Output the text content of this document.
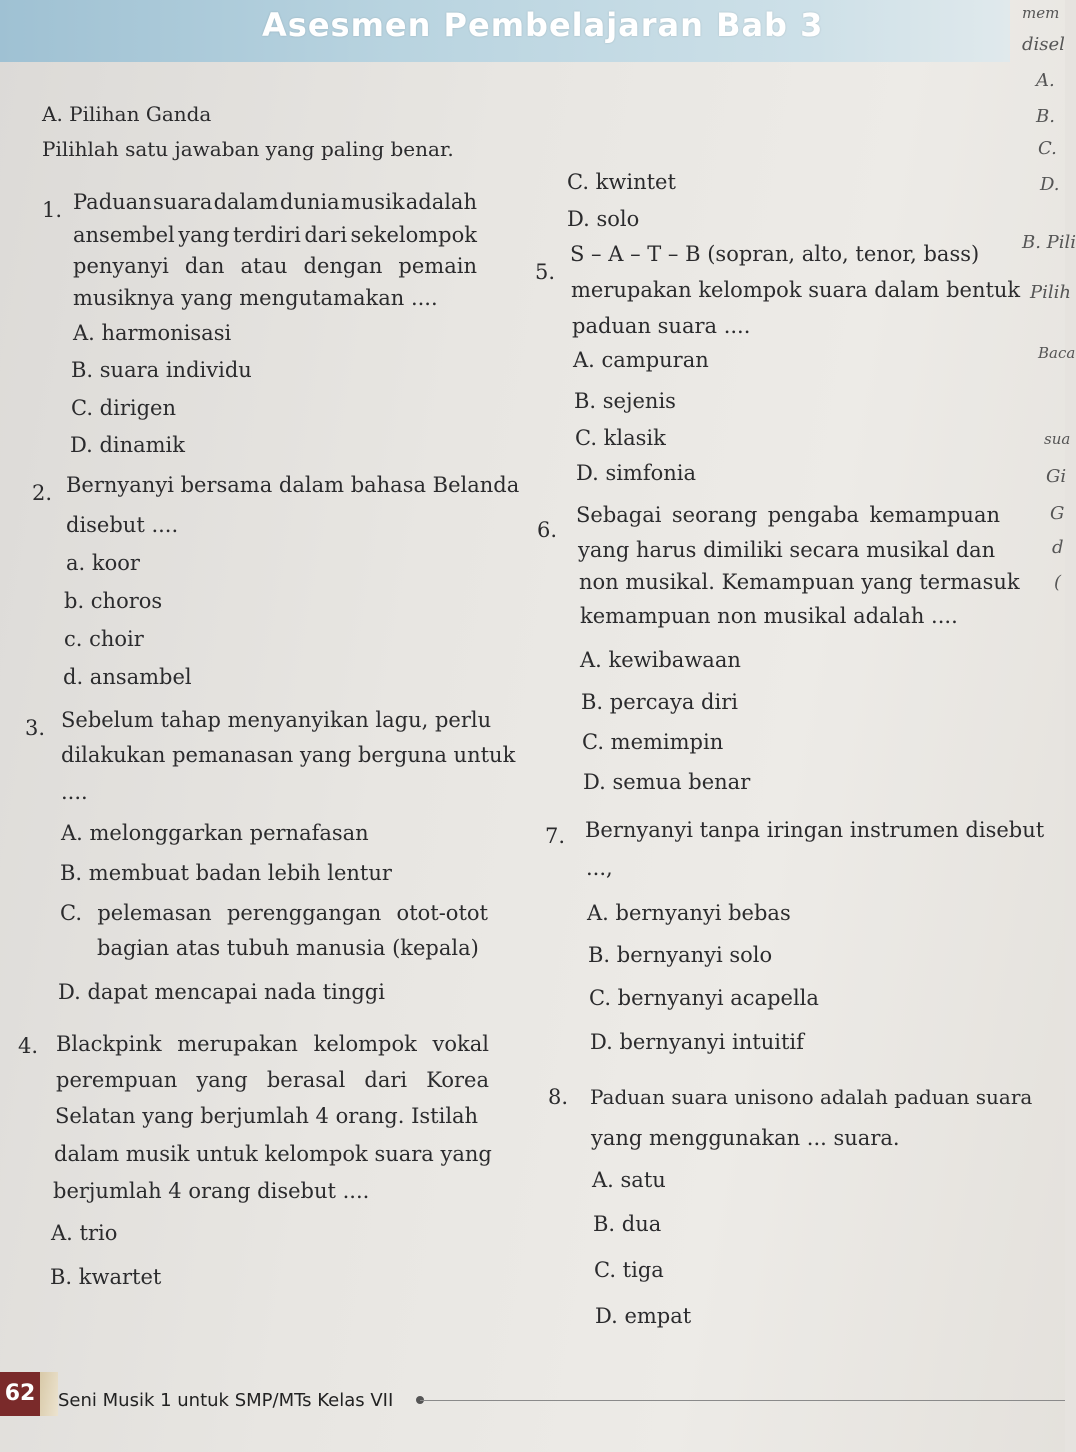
Asesmen Pembelajaran Bab 3
A. Pilihan Ganda
Pilihlah satu jawaban yang paling benar.
1. Paduan suara dalam dunia musik adalah
ansembel yang terdiri dari sekelompok
penyanyi dan atau dengan pemain
musiknya yang mengutamakan ....
A. harmonisasi
B. suara individu
C. dirigen
D. dinamik
2. Bernyanyi bersama dalam bahasa Belanda
disebut ....
a. koor
b. choros
c. choir
d. ansambel
3. Sebelum tahap menyanyikan lagu, perlu
dilakukan pemanasan yang berguna untuk
....
A. melonggarkan pernafasan
B. membuat badan lebih lentur
C. pelemasan perenggangan otot-otot
bagian atas tubuh manusia (kepala)
D. dapat mencapai nada tinggi
4. Blackpink merupakan kelompok vokal
perempuan yang berasal dari Korea
Selatan yang berjumlah 4 orang. Istilah
dalam musik untuk kelompok suara yang
berjumlah 4 orang disebut ....
A. trio
B. kwartet
C. kwintet
D. solo
5.
S – A – T – B (sopran, alto, tenor, bass)
merupakan kelompok suara dalam bentuk
paduan suara ....
A. campuran
B. sejenis
C. klasik
D. simfonia
6.
Sebagai seorang pengaba kemampuan
yang harus dimiliki secara musikal dan
non musikal. Kemampuan yang termasuk
kemampuan non musikal adalah ....
A. kewibawaan
B. percaya diri
C. memimpin
D. semua benar
7. Bernyanyi tanpa iringan instrumen disebut
...,
A. bernyanyi bebas
B. bernyanyi solo
C. bernyanyi acapella
D. bernyanyi intuitif
8. Paduan suara unisono adalah paduan suara
yang menggunakan ... suara.
A. satu
B. dua
C. tiga
D. empat
mem
disel
A.
B.
C.
D.
B. Pili
Pilih
Baca
sua
Gi
G
d
(
62 Seni Musik 1 untuk SMP/MTs Kelas VII
